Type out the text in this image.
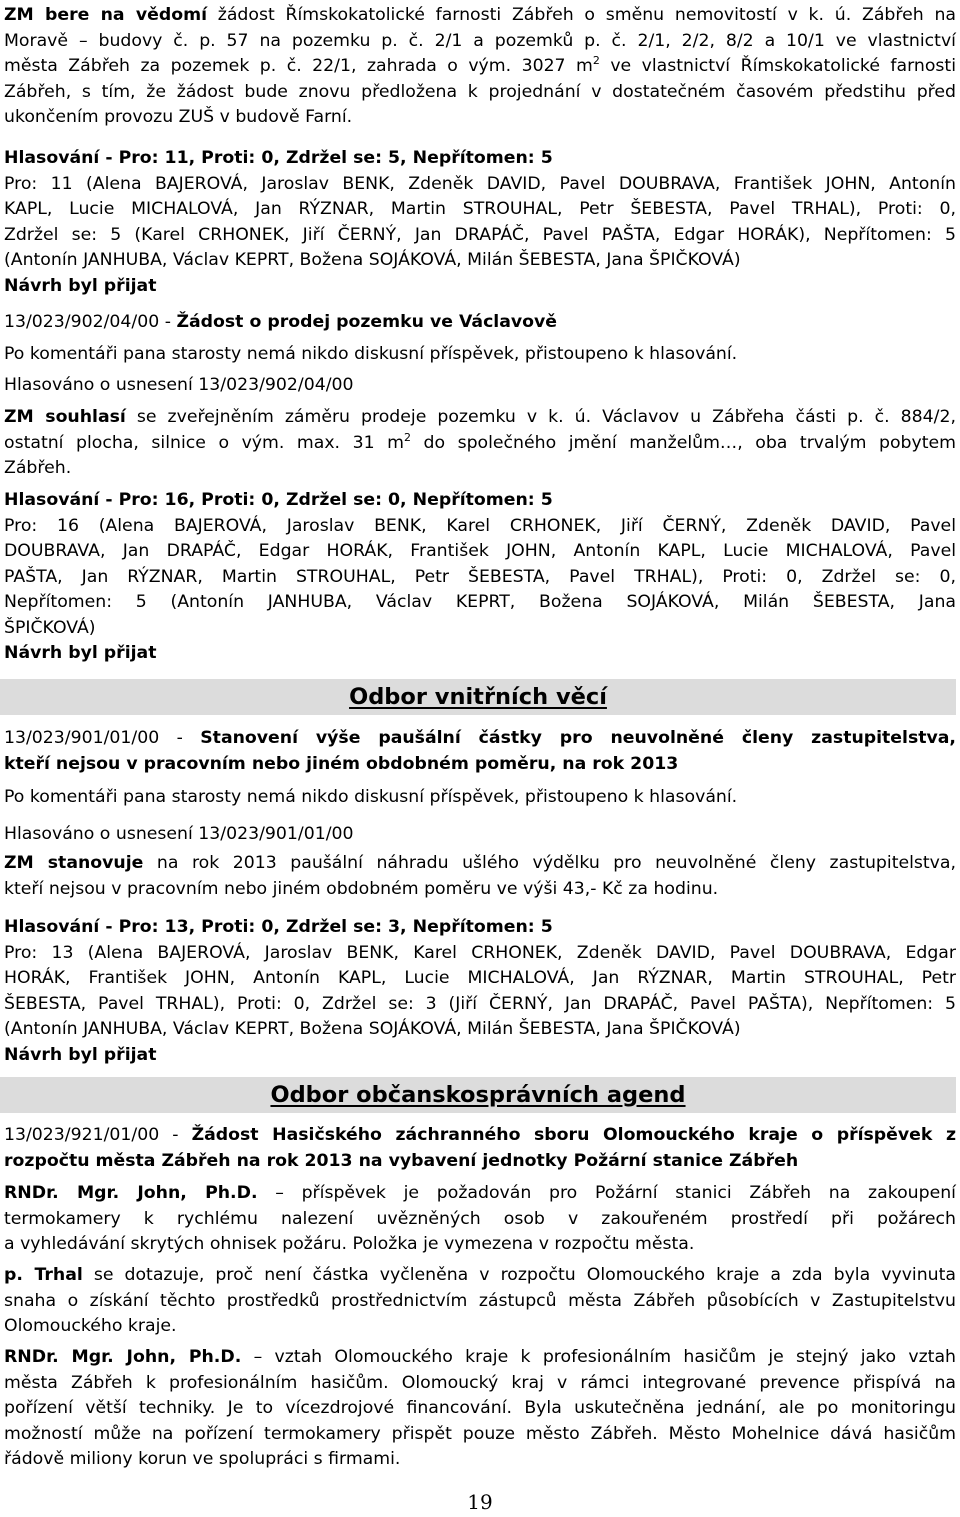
ZM bere na vědomí žádost Římskokatolické farnosti Zábřeh o směnu nemovitostí v k. ú. Zábřeh na
Moravě – budovy č. p. 57 na pozemku p. č. 2/1 a pozemků p. č. 2/1, 2/2, 8/2 a 10/1 ve vlastnictví
města Zábřeh za pozemek p. č. 22/1, zahrada o vým. 3027 $m^2$ ve vlastnictví Římskokatolické farnosti
Zábřeh, s tím, že žádost bude znovu předložena k projednání v dostatečném časovém předstihu před
ukončením provozu ZUŠ v budově Farní.
Hlasování - Pro: 11, Proti: 0, Zdržel se: 5, Nepřítomen: 5
Pro: 11 (Alena BAJEROVÁ, Jaroslav BENK, Zdeněk DAVID, Pavel DOUBRAVA, František JOHN, Antonín
KAPL, Lucie MICHALOVÁ, Jan RÝZNAR, Martin STROUHAL, Petr ŠEBESTA, Pavel TRHAL), Proti: 0,
Zdržel se: 5 (Karel CRHONEK, Jiří ČERNÝ, Jan DRAPÁČ, Pavel PAŠTA, Edgar HORÁK), Nepřítomen: 5
(Antonín JANHUBA, Václav KEPRT, Božena SOJÁKOVÁ, Milán ŠEBESTA, Jana ŠPIČKOVÁ)
Návrh byl přijat
13/023/902/04/00 - Žádost o prodej pozemku ve Václavově
Po komentáři pana starosty nemá nikdo diskusní příspěvek, přistoupeno k hlasování.
Hlasováno o usnesení 13/023/902/04/00
ZM souhlasí se zveřejněním záměru prodeje pozemku v k. ú. Václavov u Zábřeha části p. č. 884/2,
ostatní plocha, silnice o vým. max. 31 $m^2$ do společného jmění manželům…, oba trvalým pobytem
Zábřeh.
Hlasování - Pro: 16, Proti: 0, Zdržel se: 0, Nepřítomen: 5
Pro: 16 (Alena BAJEROVÁ, Jaroslav BENK, Karel CRHONEK, Jiří ČERNÝ, Zdeněk DAVID, Pavel
DOUBRAVA, Jan DRAPÁČ, Edgar HORÁK, František JOHN, Antonín KAPL, Lucie MICHALOVÁ, Pavel
PAŠTA, Jan RÝZNAR, Martin STROUHAL, Petr ŠEBESTA, Pavel TRHAL), Proti: 0, Zdržel se: 0,
Nepřítomen: 5 (Antonín JANHUBA, Václav KEPRT, Božena SOJÁKOVÁ, Milán ŠEBESTA, Jana
ŠPIČKOVÁ)
Návrh byl přijat
Odbor vnitřních věcí
13/023/901/01/00 - Stanovení výše paušální částky pro neuvolněné členy zastupitelstva,
kteří nejsou v pracovním nebo jiném obdobném poměru, na rok 2013
Po komentáři pana starosty nemá nikdo diskusní příspěvek, přistoupeno k hlasování.
Hlasováno o usnesení 13/023/901/01/00
ZM stanovuje na rok 2013 paušální náhradu ušlého výdělku pro neuvolněné členy zastupitelstva,
kteří nejsou v pracovním nebo jiném obdobném poměru ve výši 43,- Kč za hodinu.
Hlasování - Pro: 13, Proti: 0, Zdržel se: 3, Nepřítomen: 5
Pro: 13 (Alena BAJEROVÁ, Jaroslav BENK, Karel CRHONEK, Zdeněk DAVID, Pavel DOUBRAVA, Edgar
HORÁK, František JOHN, Antonín KAPL, Lucie MICHALOVÁ, Jan RÝZNAR, Martin STROUHAL, Petr
ŠEBESTA, Pavel TRHAL), Proti: 0, Zdržel se: 3 (Jiří ČERNÝ, Jan DRAPÁČ, Pavel PAŠTA), Nepřítomen: 5
(Antonín JANHUBA, Václav KEPRT, Božena SOJÁKOVÁ, Milán ŠEBESTA, Jana ŠPIČKOVÁ)
Návrh byl přijat
Odbor občanskosprávních agend
13/023/921/01/00 - Žádost Hasičského záchranného sboru Olomouckého kraje o příspěvek z
rozpočtu města Zábřeh na rok 2013 na vybavení jednotky Požární stanice Zábřeh
RNDr. Mgr. John, Ph.D. – příspěvek je požadován pro Požární stanici Zábřeh na zakoupení
termokamery k rychlému nalezení uvězněných osob v zakouřeném prostředí při požárech
a vyhledávání skrytých ohnisek požáru. Položka je vymezena v rozpočtu města.
p. Trhal se dotazuje, proč není částka vyčleněna v rozpočtu Olomouckého kraje a zda byla vyvinuta
snaha o získání těchto prostředků prostřednictvím zástupců města Zábřeh působících v Zastupitelstvu
Olomouckého kraje.
RNDr. Mgr. John, Ph.D. – vztah Olomouckého kraje k profesionálním hasičům je stejný jako vztah
města Zábřeh k profesionálním hasičům. Olomoucký kraj v rámci integrované prevence přispívá na
pořízení větší techniky. Je to vícezdrojové financování. Byla uskutečněna jednání, ale po monitoringu
možností může na pořízení termokamery přispět pouze město Zábřeh. Město Mohelnice dává hasičům
řádově miliony korun ve spolupráci s firmami.
19
